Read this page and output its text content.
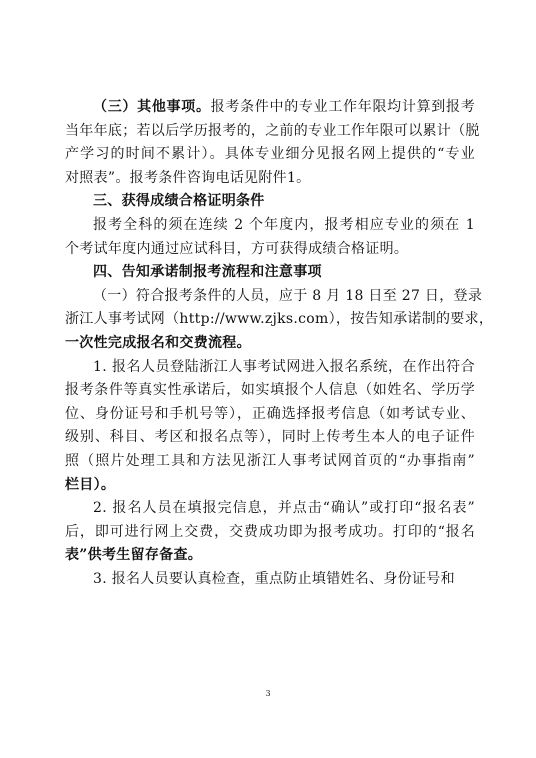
（三）其他事项。报考条件中的专业工作年限均计算到报考
当年年底；若以后学历报考的，之前的专业工作年限可以累计（脱
产学习的时间不累计）。具体专业细分见报名网上提供的“专业
对照表”。报考条件咨询电话见附件1。
三、获得成绩合格证明条件
报考全科的须在连续 2 个年度内，报考相应专业的须在 1
个考试年度内通过应试科目，方可获得成绩合格证明。
四、告知承诺制报考流程和注意事项
（一）符合报考条件的人员，应于 8 月 18 日至 27 日，登录
浙江人事考试网（http://www.zjks.com），按告知承诺制的要求，
一次性完成报名和交费流程。
1. 报名人员登陆浙江人事考试网进入报名系统，在作出符合
报考条件等真实性承诺后，如实填报个人信息（如姓名、学历学
位、身份证号和手机号等），正确选择报考信息（如考试专业、
级别、科目、考区和报名点等），同时上传考生本人的电子证件
照（照片处理工具和方法见浙江人事考试网首页的“办事指南”
栏目）。
2. 报名人员在填报完信息，并点击“确认”或打印“报名表”
后，即可进行网上交费，交费成功即为报考成功。打印的“报名
表”供考生留存备查。
3. 报名人员要认真检查，重点防止填错姓名、身份证号和
3
